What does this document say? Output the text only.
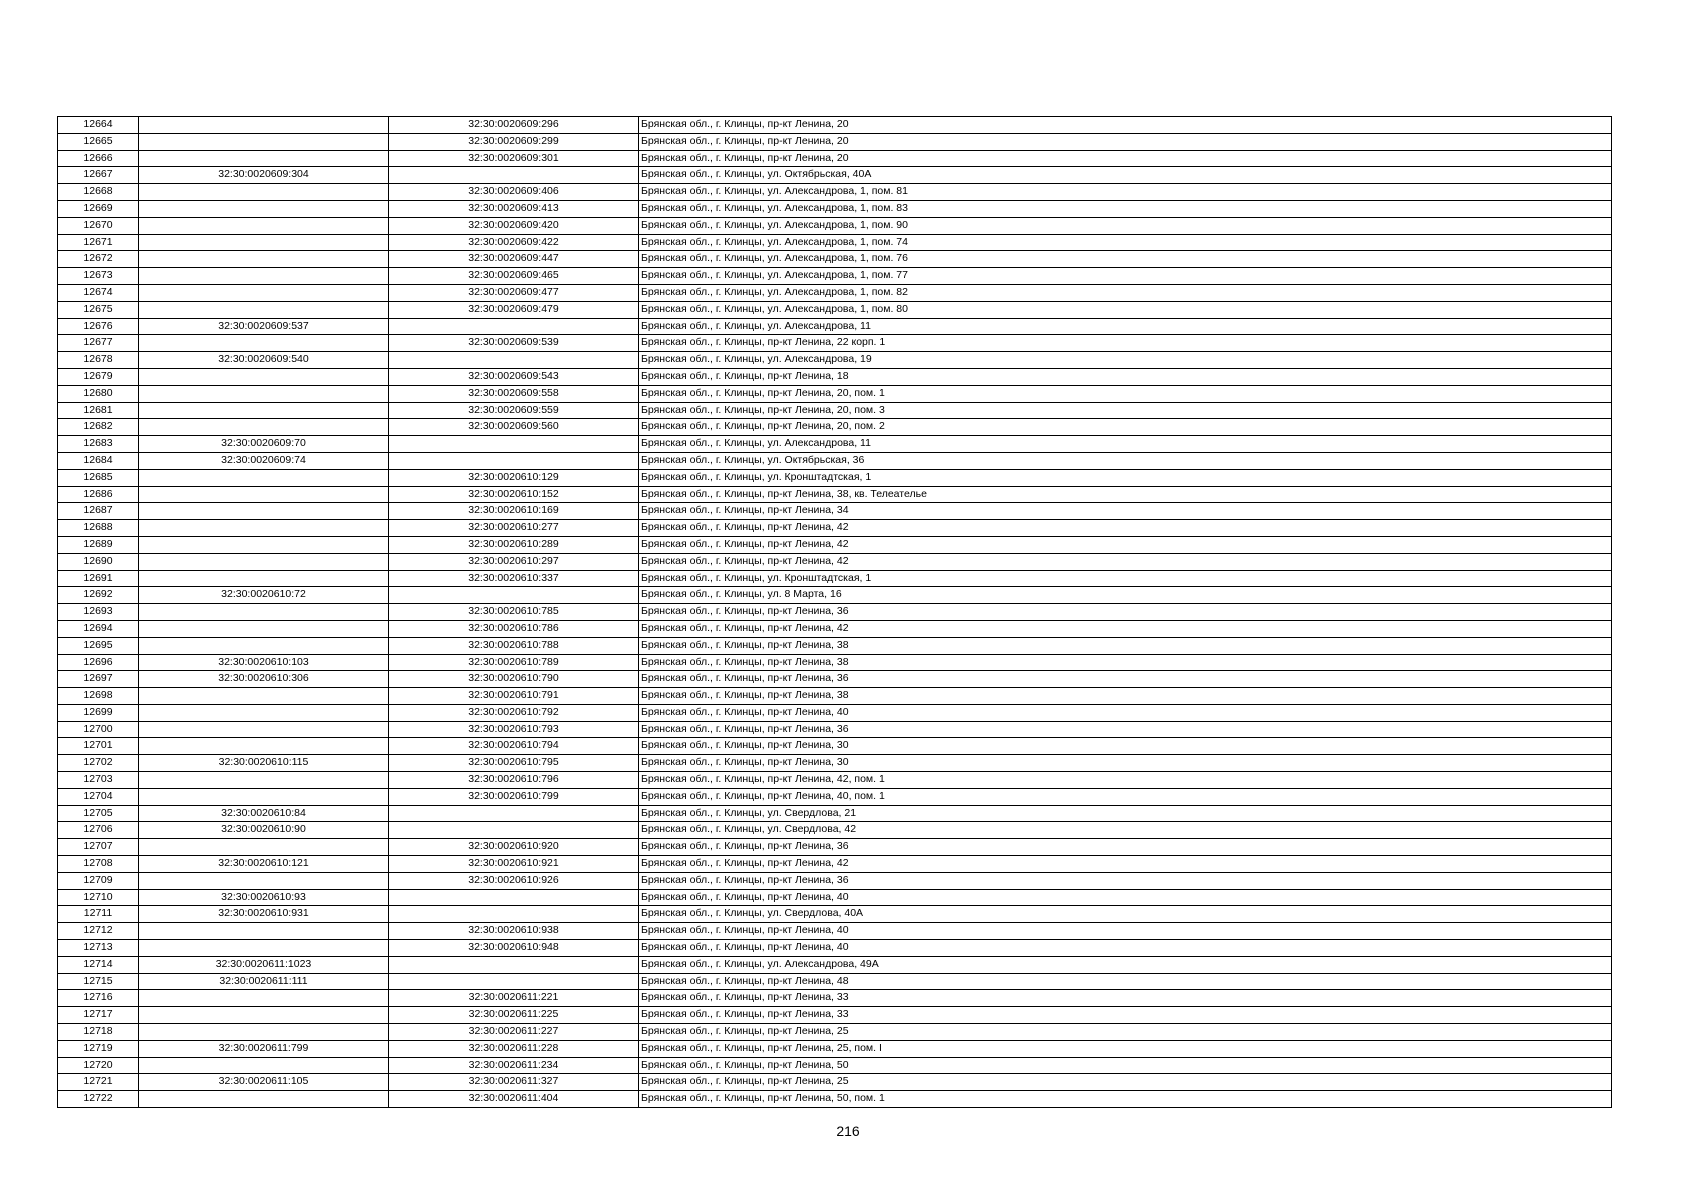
12664		32:30:0020609:296	Брянская обл., г. Клинцы, пр-кт Ленина, 20
12665		32:30:0020609:299	Брянская обл., г. Клинцы, пр-кт Ленина, 20
12666		32:30:0020609:301	Брянская обл., г. Клинцы, пр-кт Ленина, 20
12667	32:30:0020609:304		Брянская обл., г. Клинцы, ул. Октябрьская, 40А
12668		32:30:0020609:406	Брянская обл., г. Клинцы, ул. Александрова, 1, пом. 81
12669		32:30:0020609:413	Брянская обл., г. Клинцы, ул. Александрова, 1, пом. 83
12670		32:30:0020609:420	Брянская обл., г. Клинцы, ул. Александрова, 1, пом. 90
12671		32:30:0020609:422	Брянская обл., г. Клинцы, ул. Александрова, 1, пом. 74
12672		32:30:0020609:447	Брянская обл., г. Клинцы, ул. Александрова, 1, пом. 76
12673		32:30:0020609:465	Брянская обл., г. Клинцы, ул. Александрова, 1, пом. 77
12674		32:30:0020609:477	Брянская обл., г. Клинцы, ул. Александрова, 1, пом. 82
12675		32:30:0020609:479	Брянская обл., г. Клинцы, ул. Александрова, 1, пом. 80
12676	32:30:0020609:537		Брянская обл., г. Клинцы, ул. Александрова, 11
12677		32:30:0020609:539	Брянская обл., г. Клинцы, пр-кт Ленина, 22 корп. 1
12678	32:30:0020609:540		Брянская обл., г. Клинцы, ул. Александрова, 19
12679		32:30:0020609:543	Брянская обл., г. Клинцы, пр-кт Ленина, 18
12680		32:30:0020609:558	Брянская обл., г. Клинцы, пр-кт Ленина, 20, пом. 1
12681		32:30:0020609:559	Брянская обл., г. Клинцы, пр-кт Ленина, 20, пом. 3
12682		32:30:0020609:560	Брянская обл., г. Клинцы, пр-кт Ленина, 20, пом. 2
12683	32:30:0020609:70		Брянская обл., г. Клинцы, ул. Александрова, 11
12684	32:30:0020609:74		Брянская обл., г. Клинцы, ул. Октябрьская, 36
12685		32:30:0020610:129	Брянская обл., г. Клинцы, ул. Кронштадтская, 1
12686		32:30:0020610:152	Брянская обл., г. Клинцы, пр-кт Ленина, 38, кв. Телеателье
12687		32:30:0020610:169	Брянская обл., г. Клинцы, пр-кт Ленина, 34
12688		32:30:0020610:277	Брянская обл., г. Клинцы, пр-кт Ленина, 42
12689		32:30:0020610:289	Брянская обл., г. Клинцы, пр-кт Ленина, 42
12690		32:30:0020610:297	Брянская обл., г. Клинцы, пр-кт Ленина, 42
12691		32:30:0020610:337	Брянская обл., г. Клинцы, ул. Кронштадтская, 1
12692	32:30:0020610:72		Брянская обл., г. Клинцы, ул. 8 Марта, 16
12693		32:30:0020610:785	Брянская обл., г. Клинцы, пр-кт Ленина, 36
12694		32:30:0020610:786	Брянская обл., г. Клинцы, пр-кт Ленина, 42
12695		32:30:0020610:788	Брянская обл., г. Клинцы, пр-кт Ленина, 38
12696	32:30:0020610:103	32:30:0020610:789	Брянская обл., г. Клинцы, пр-кт Ленина, 38
12697	32:30:0020610:306	32:30:0020610:790	Брянская обл., г. Клинцы, пр-кт Ленина, 36
12698		32:30:0020610:791	Брянская обл., г. Клинцы, пр-кт Ленина, 38
12699		32:30:0020610:792	Брянская обл., г. Клинцы, пр-кт Ленина, 40
12700		32:30:0020610:793	Брянская обл., г. Клинцы, пр-кт Ленина, 36
12701		32:30:0020610:794	Брянская обл., г. Клинцы, пр-кт Ленина, 30
12702	32:30:0020610:115	32:30:0020610:795	Брянская обл., г. Клинцы, пр-кт Ленина, 30
12703		32:30:0020610:796	Брянская обл., г. Клинцы, пр-кт Ленина, 42, пом. 1
12704		32:30:0020610:799	Брянская обл., г. Клинцы, пр-кт Ленина, 40, пом. 1
12705	32:30:0020610:84		Брянская обл., г. Клинцы, ул. Свердлова, 21
12706	32:30:0020610:90		Брянская обл., г. Клинцы, ул. Свердлова, 42
12707		32:30:0020610:920	Брянская обл., г. Клинцы, пр-кт Ленина, 36
12708	32:30:0020610:121	32:30:0020610:921	Брянская обл., г. Клинцы, пр-кт Ленина, 42
12709		32:30:0020610:926	Брянская обл., г. Клинцы, пр-кт Ленина, 36
12710	32:30:0020610:93		Брянская обл., г. Клинцы, пр-кт Ленина, 40
12711	32:30:0020610:931		Брянская обл., г. Клинцы, ул. Свердлова, 40А
12712		32:30:0020610:938	Брянская обл., г. Клинцы, пр-кт Ленина, 40
12713		32:30:0020610:948	Брянская обл., г. Клинцы, пр-кт Ленина, 40
12714	32:30:0020611:1023		Брянская обл., г. Клинцы, ул. Александрова, 49А
12715	32:30:0020611:111		Брянская обл., г. Клинцы, пр-кт Ленина, 48
12716		32:30:0020611:221	Брянская обл., г. Клинцы, пр-кт Ленина, 33
12717		32:30:0020611:225	Брянская обл., г. Клинцы, пр-кт Ленина, 33
12718		32:30:0020611:227	Брянская обл., г. Клинцы, пр-кт Ленина, 25
12719	32:30:0020611:799	32:30:0020611:228	Брянская обл., г. Клинцы, пр-кт Ленина, 25, пом. I
12720		32:30:0020611:234	Брянская обл., г. Клинцы, пр-кт Ленина, 50
12721	32:30:0020611:105	32:30:0020611:327	Брянская обл., г. Клинцы, пр-кт Ленина, 25
12722		32:30:0020611:404	Брянская обл., г. Клинцы, пр-кт Ленина, 50, пом. 1
216
